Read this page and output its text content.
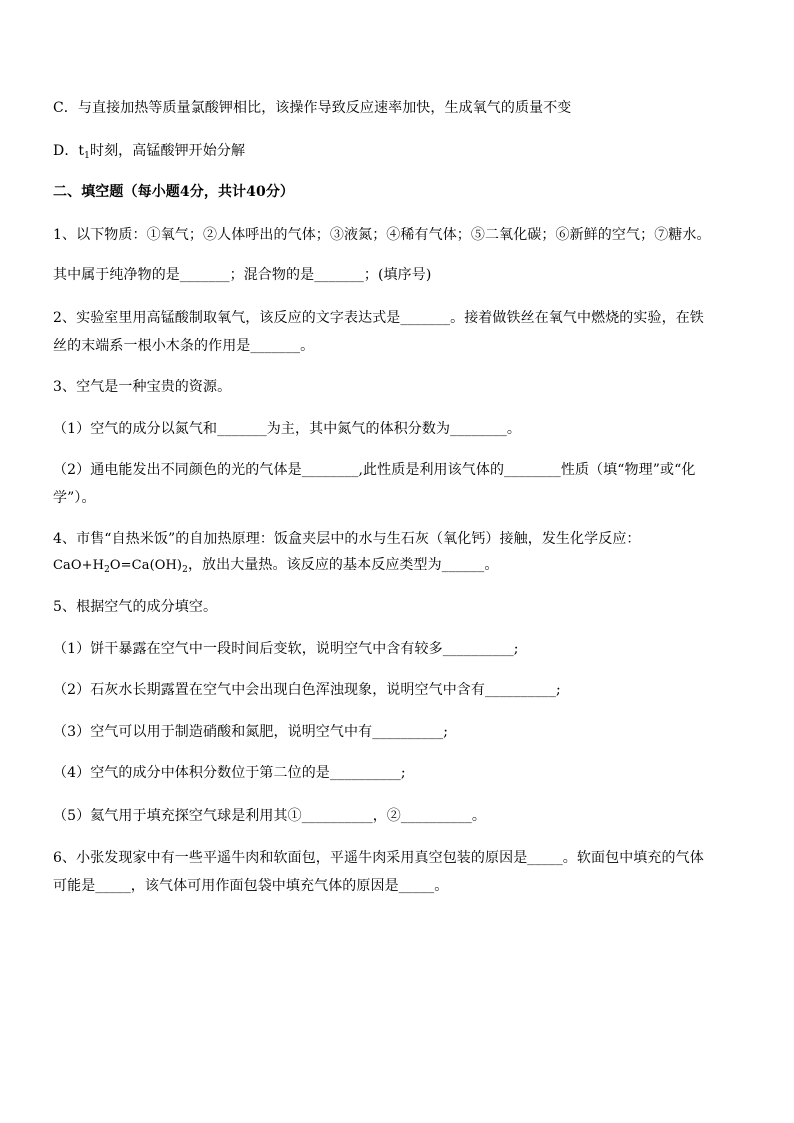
C．与直接加热等质量氯酸钾相比，该操作导致反应速率加快，生成氧气的质量不变
D．$t_1$时刻，高锰酸钾开始分解
二、填空题（每小题4分，共计40分）
1、以下物质：①氧气；②人体呼出的气体；③液氮；④稀有气体；⑤二氧化碳；⑥新鲜的空气；⑦糖水。
其中属于纯净物的是_______；混合物的是_______；(填序号)
2、实验室里用高锰酸制取氧气，该反应的文字表达式是_______。接着做铁丝在氧气中燃烧的实验，在铁
丝的末端系一根小木条的作用是_______。
3、空气是一种宝贵的资源。
（1）空气的成分以氮气和_______为主，其中氮气的体积分数为________。
（2）通电能发出不同颜色的光的气体是________,此性质是利用该气体的________性质（填“物理”或“化
学”）。
4、市售“自热米饭”的自加热原理：饭盒夹层中的水与生石灰（氧化钙）接触，发生化学反应：
$CaO+H_2O=Ca(OH)_2$，放出大量热。该反应的基本反应类型为______。
5、根据空气的成分填空。
（1）饼干暴露在空气中一段时间后变软，说明空气中含有较多__________;
（2）石灰水长期露置在空气中会出现白色浑浊现象，说明空气中含有__________;
（3）空气可以用于制造硝酸和氮肥，说明空气中有__________;
（4）空气的成分中体积分数位于第二位的是__________;
（5）氦气用于填充探空气球是利用其①__________，②__________。
6、小张发现家中有一些平遥牛肉和软面包，平遥牛肉采用真空包装的原因是_____。软面包中填充的气体
可能是_____，该气体可用作面包袋中填充气体的原因是_____。
